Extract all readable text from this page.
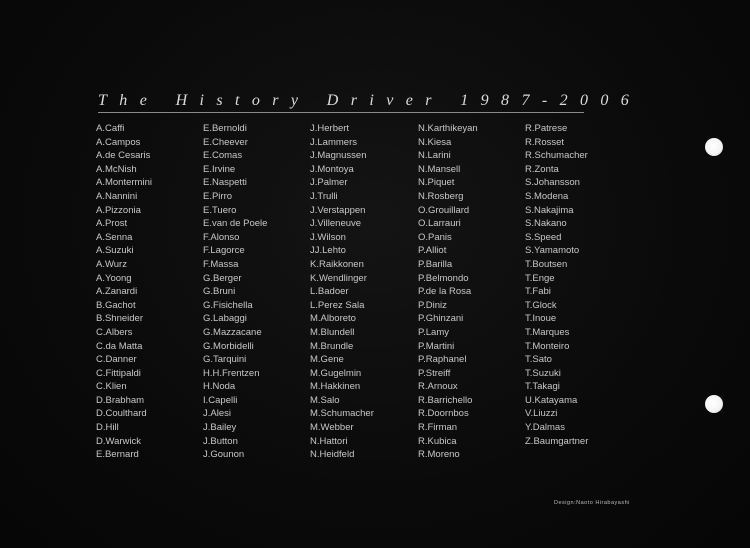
The History Driver 1987-2006
A.Caffi
A.Campos
A.de Cesaris
A.McNish
A.Montermini
A.Nannini
A.Pizzonia
A.Prost
A.Senna
A.Suzuki
A.Wurz
A.Yoong
A.Zanardi
B.Gachot
B.Shneider
C.Albers
C.da Matta
C.Danner
C.Fittipaldi
C.Klien
D.Brabham
D.Coulthard
D.Hill
D.Warwick
E.Bernard
E.Bernoldi
E.Cheever
E.Comas
E.Irvine
E.Naspetti
E.Pirro
E.Tuero
E.van de Poele
F.Alonso
F.Lagorce
F.Massa
G.Berger
G.Bruni
G.Fisichella
G.Labaggi
G.Mazzacane
G.Morbidelli
G.Tarquini
H.H.Frentzen
H.Noda
I.Capelli
J.Alesi
J.Bailey
J.Button
J.Gounon
J.Herbert
J.Lammers
J.Magnussen
J.Montoya
J.Palmer
J.Trulli
J.Verstappen
J.Villeneuve
J.Wilson
JJ.Lehto
K.Raikkonen
K.Wendlinger
L.Badoer
L.Perez Sala
M.Alboreto
M.Blundell
M.Brundle
M.Gene
M.Gugelmin
M.Hakkinen
M.Salo
M.Schumacher
M.Webber
N.Hattori
N.Heidfeld
N.Karthikeyan
N.Kiesa
N.Larini
N.Mansell
N.Piquet
N.Rosberg
O.Grouillard
O.Larrauri
O.Panis
P.Alliot
P.Barilla
P.Belmondo
P.de la Rosa
P.Diniz
P.Ghinzani
P.Lamy
P.Martini
P.Raphanel
P.Streiff
R.Arnoux
R.Barrichello
R.Doornbos
R.Firman
R.Kubica
R.Moreno
R.Patrese
R.Rosset
R.Schumacher
R.Zonta
S.Johansson
S.Modena
S.Nakajima
S.Nakano
S.Speed
S.Yamamoto
T.Boutsen
T.Enge
T.Fabi
T.Glock
T.Inoue
T.Marques
T.Monteiro
T.Sato
T.Suzuki
T.Takagi
U.Katayama
V.Liuzzi
Y.Dalmas
Z.Baumgartner
Design:Naoto Hirabayashi
